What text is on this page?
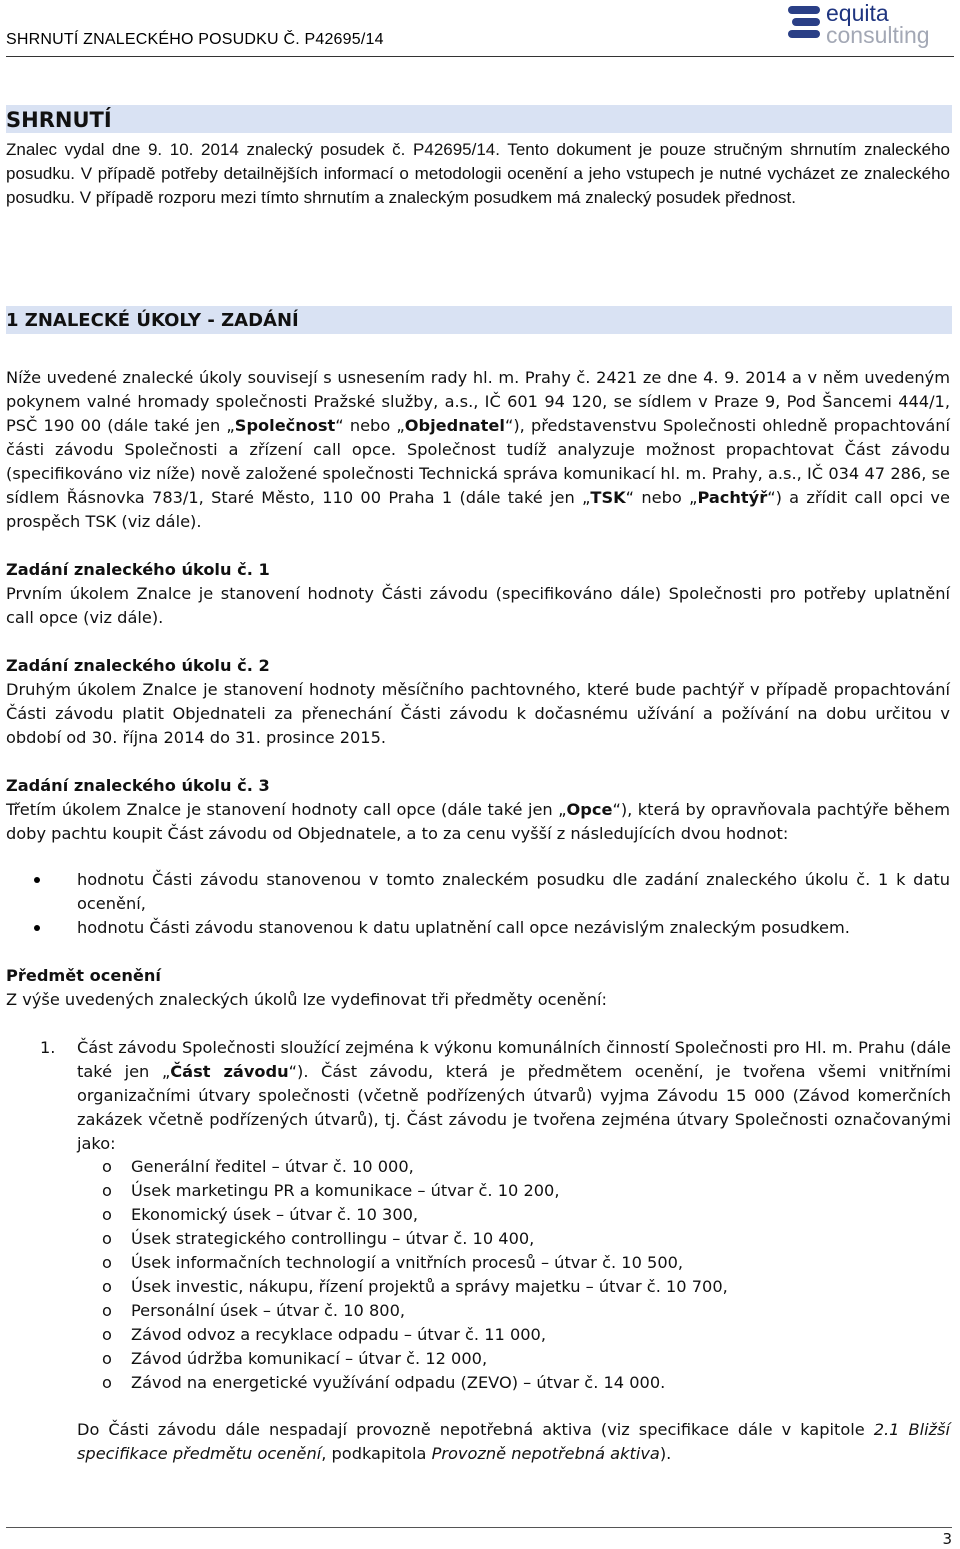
SHRNUTÍ ZNALECKÉHO POSUDKU Č. P42695/14
equita
consulting
SHRNUTÍ

Znalec vydal dne 9. 10. 2014 znalecký posudek č. P42695/14. Tento dokument je pouze stručným shrnutím znaleckého posudku. V případě potřeby detailnějších informací o metodologii ocenění a jeho vstupech je nutné vycházet ze znaleckého posudku. V případě rozporu mezi tímto shrnutím a znaleckým posudkem má znalecký posudek přednost.

1 ZNALECKÉ ÚKOLY - ZADÁNÍ

Níže uvedené znalecké úkoly souvisejí s usnesením rady hl. m. Prahy č. 2421 ze dne 4. 9. 2014 a v něm uvedeným pokynem valné hromady společnosti Pražské služby, a.s., IČ 601 94 120, se sídlem v Praze 9, Pod Šancemi 444/1, PSČ 190 00 (dále také jen „Společnost“ nebo „Objednatel“), představenstvu Společnosti ohledně propachtování části závodu Společnosti a zřízení call opce. Společnost tudíž analyzuje možnost propachtovat Část závodu (specifikováno viz níže) nově založené společnosti Technická správa komunikací hl. m. Prahy, a.s., IČ 034 47 286, se sídlem Řásnovka 783/1, Staré Město, 110 00 Praha 1 (dále také jen „TSK“ nebo „Pachtýř“) a zřídit call opci ve prospěch TSK (viz dále).

Zadání znaleckého úkolu č. 1

Prvním úkolem Znalce je stanovení hodnoty Části závodu (specifikováno dále) Společnosti pro potřeby uplatnění call opce (viz dále).

Zadání znaleckého úkolu č. 2

Druhým úkolem Znalce je stanovení hodnoty měsíčního pachtovného, které bude pachtýř v případě propachtování Části závodu platit Objednateli za přenechání Části závodu k dočasnému užívání a požívání na dobu určitou v období od 30. října 2014 do 31. prosince 2015.

Zadání znaleckého úkolu č. 3

Třetím úkolem Znalce je stanovení hodnoty call opce (dále také jen „Opce“), která by opravňovala pachtýře během doby pachtu koupit Část závodu od Objednatele, a to za cenu vyšší z následujících dvou hodnot:

hodnotu Části závodu stanovenou v tomto znaleckém posudku dle zadání znaleckého úkolu č. 1 k datu ocenění,
hodnotu Části závodu stanovenou k datu uplatnění call opce nezávislým znaleckým posudkem.

Předmět ocenění

Z výše uvedených znaleckých úkolů lze vydefinovat tři předměty ocenění:

1. Část závodu Společnosti sloužící zejména k výkonu komunálních činností Společnosti pro Hl. m. Prahu (dále také jen „Část závodu“). Část závodu, která je předmětem ocenění, je tvořena všemi vnitřními organizačními útvary společnosti (včetně podřízených útvarů) vyjma Závodu 15 000 (Závod komerčních zakázek včetně podřízených útvarů), tj. Část závodu je tvořena zejména útvary Společnosti označovanými jako:

o Generální ředitel – útvar č. 10 000,
o Úsek marketingu PR a komunikace – útvar č. 10 200,
o Ekonomický úsek – útvar č. 10 300,
o Úsek strategického controllingu – útvar č. 10 400,
o Úsek informačních technologií a vnitřních procesů – útvar č. 10 500,
o Úsek investic, nákupu, řízení projektů a správy majetku – útvar č. 10 700,
o Personální úsek – útvar č. 10 800,
o Závod odvoz a recyklace odpadu – útvar č. 11 000,
o Závod údržba komunikací – útvar č. 12 000,
o Závod na energetické využívání odpadu (ZEVO) – útvar č. 14 000.

Do Části závodu dále nespadají provozně nepotřebná aktiva (viz specifikace dále v kapitole 2.1 Bližší specifikace předmětu ocenění, podkapitola Provozně nepotřebná aktiva).

3
